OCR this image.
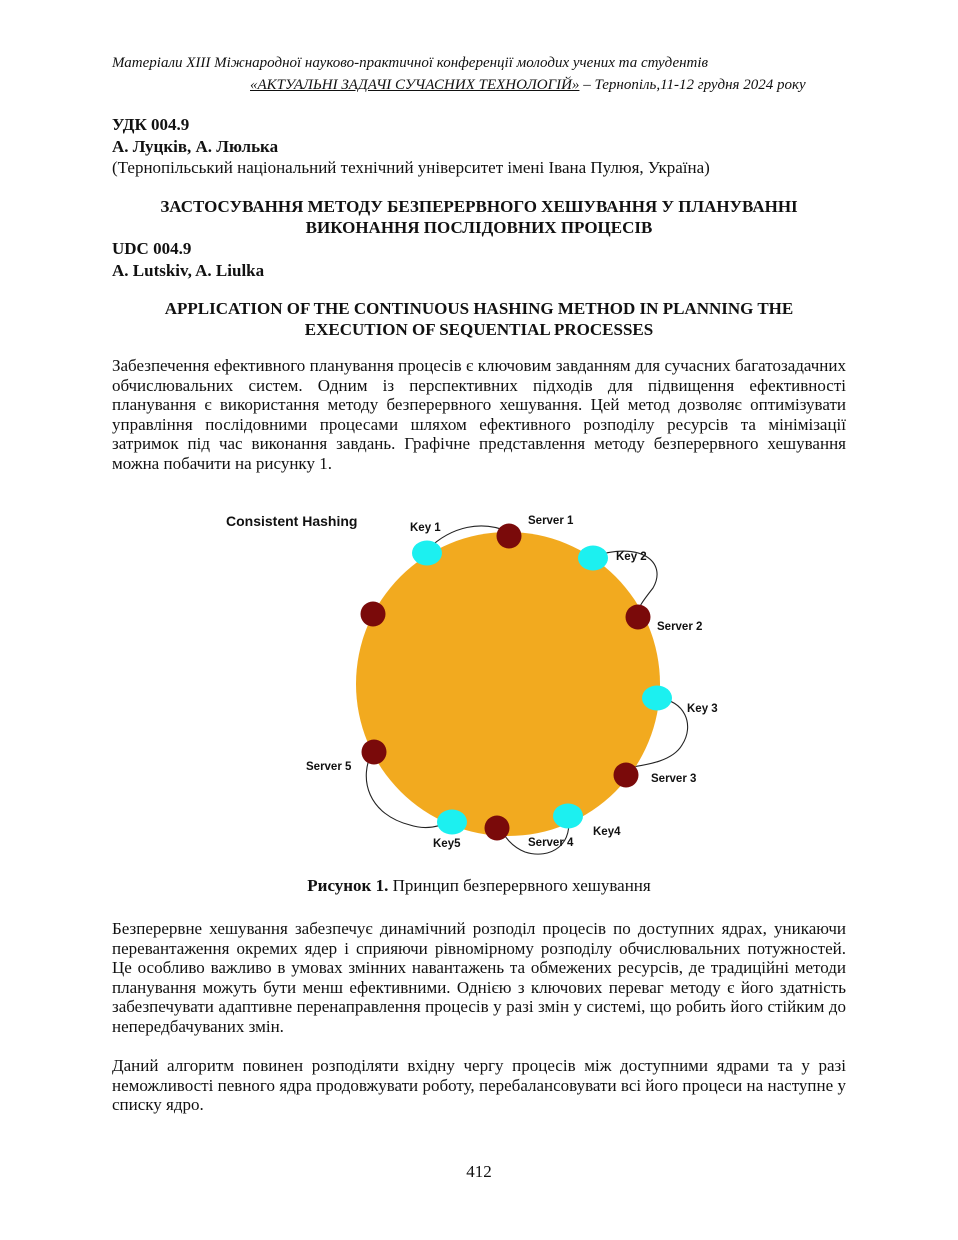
Матеріали XIII Міжнародної науково-практичної конференції молодих учених та студентів
«АКТУАЛЬНІ ЗАДАЧІ СУЧАСНИХ ТЕХНОЛОГІЙ» – Тернопіль,11-12 грудня 2024 року
УДК 004.9
А. Луцків, А. Люлька
(Тернопільський національний технічний університет імені Івана Пулюя, Україна)
ЗАСТОСУВАННЯ МЕТОДУ БЕЗПЕРЕРВНОГО ХЕШУВАННЯ У ПЛАНУВАННІ
ВИКОНАННЯ ПОСЛІДОВНИХ ПРОЦЕСІВ
UDC 004.9
A. Lutskiv, A. Liulka
APPLICATION OF THE CONTINUOUS HASHING METHOD IN PLANNING THE
EXECUTION OF SEQUENTIAL PROCESSES
Забезпечення ефективного планування процесів є ключовим завданням для сучасних багатозадачних обчислювальних систем. Одним із перспективних підходів для підвищення ефективності планування є використання методу безперервного хешування. Цей метод дозволяє оптимізувати управління послідовними процесами шляхом ефективного розподілу ресурсів та мінімізації затримок під час виконання завдань. Графічне представлення методу безперервного хешування можна побачити на рисунку 1.
Consistent Hashing	Server 1
Server 2
Server 3
Server 4
Server 5
Key 1
Key 2
Key 3
Key4
Key5
Рисунок 1. Принцип безперервного хешування
Безперервне хешування забезпечує динамічний розподіл процесів по доступних ядрах, уникаючи перевантаження окремих ядер і сприяючи рівномірному розподілу обчислювальних потужностей. Це особливо важливо в умовах змінних навантажень та обмежених ресурсів, де традиційні методи планування можуть бути менш ефективними. Однією з ключових переваг методу є його здатність забезпечувати адаптивне перенаправлення процесів у разі змін у системі, що робить його стійким до непередбачуваних змін.
Даний алгоритм повинен розподіляти вхідну чергу процесів між доступними ядрами та у разі неможливості певного ядра продовжувати роботу, перебалансовувати всі його процеси на наступне у списку ядро.
412
